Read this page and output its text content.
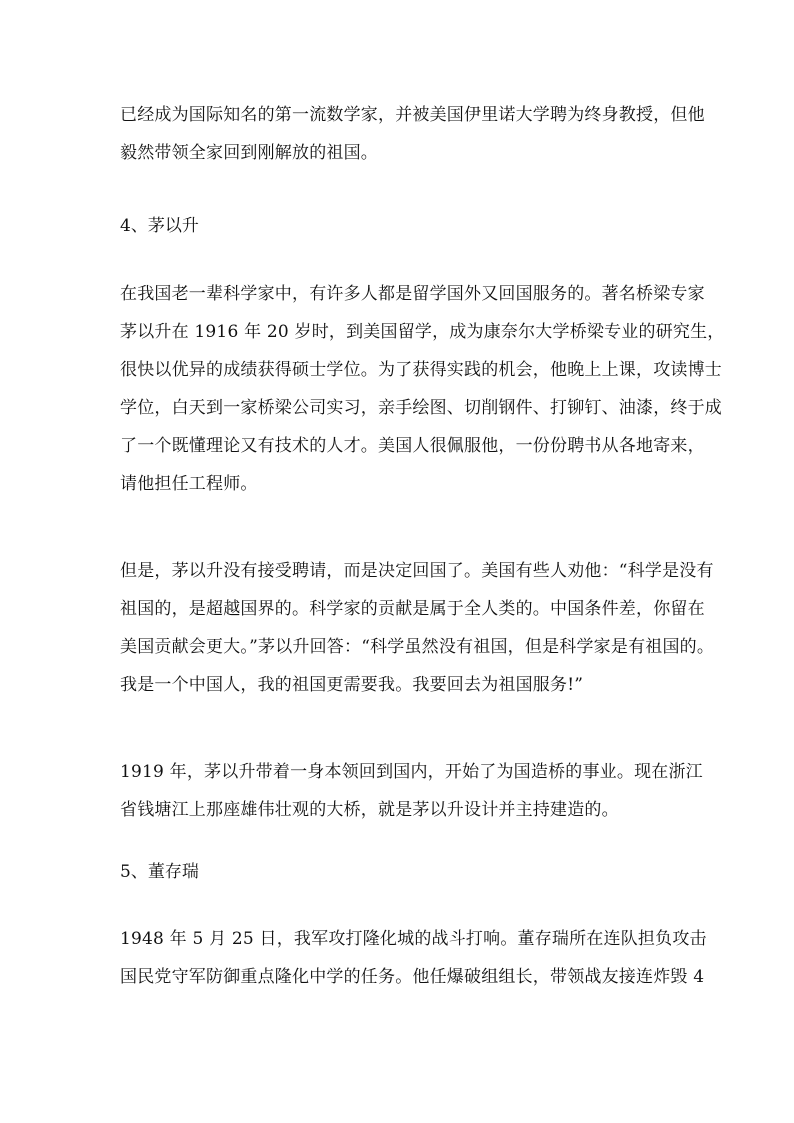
已经成为国际知名的第一流数学家，并被美国伊里诺大学聘为终身教授，但他
毅然带领全家回到刚解放的祖国。
4、茅以升
在我国老一辈科学家中，有许多人都是留学国外又回国服务的。著名桥梁专家
茅以升在 1916 年 20 岁时，到美国留学，成为康奈尔大学桥梁专业的研究生，
很快以优异的成绩获得硕士学位。为了获得实践的机会，他晚上上课，攻读博士
学位，白天到一家桥梁公司实习，亲手绘图、切削钢件、打铆钉、油漆，终于成
了一个既懂理论又有技术的人才。美国人很佩服他，一份份聘书从各地寄来，
请他担任工程师。
但是，茅以升没有接受聘请，而是决定回国了。美国有些人劝他：“科学是没有
祖国的，是超越国界的。科学家的贡献是属于全人类的。中国条件差，你留在
美国贡献会更大。”茅以升回答：“科学虽然没有祖国，但是科学家是有祖国的。
我是一个中国人，我的祖国更需要我。我要回去为祖国服务!”
1919 年，茅以升带着一身本领回到国内，开始了为国造桥的事业。现在浙江
省钱塘江上那座雄伟壮观的大桥，就是茅以升设计并主持建造的。
5、董存瑞
1948 年 5 月 25 日，我军攻打隆化城的战斗打响。董存瑞所在连队担负攻击
国民党守军防御重点隆化中学的任务。他任爆破组组长，带领战友接连炸毁 4
